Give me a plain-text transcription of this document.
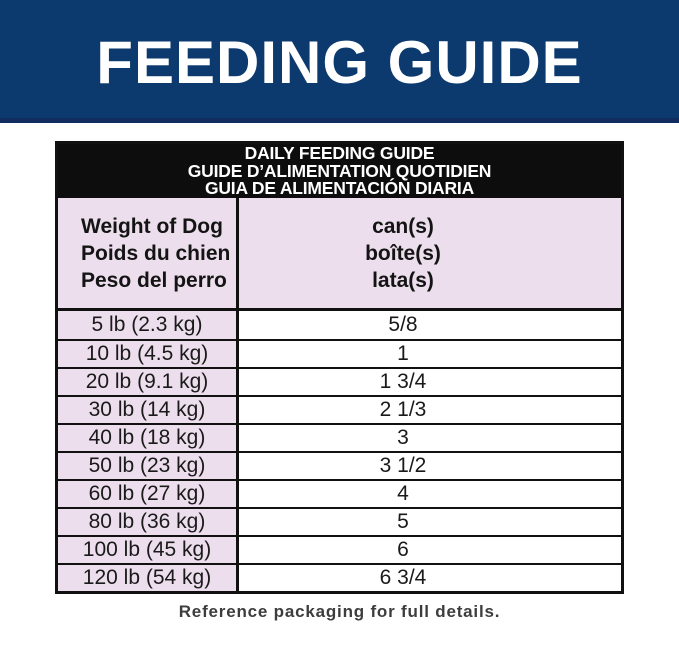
FEEDING GUIDE
DAILY FEEDING GUIDE
GUIDE D’ALIMENTATION QUOTIDIEN
GUIA DE ALIMENTACIÓN DIARIA
Weight of Dog
Poids du chien
Peso del perro
can(s)
boîte(s)
lata(s)
5 lb (2.3 kg)	5/8
10 lb (4.5 kg)	1
20 lb (9.1 kg)	1 3/4
30 lb (14 kg)	2 1/3
40 lb (18 kg)	3
50 lb (23 kg)	3 1/2
60 lb (27 kg)	4
80 lb (36 kg)	5
100 lb (45 kg)	6
120 lb (54 kg)	6 3/4
Reference packaging for full details.
